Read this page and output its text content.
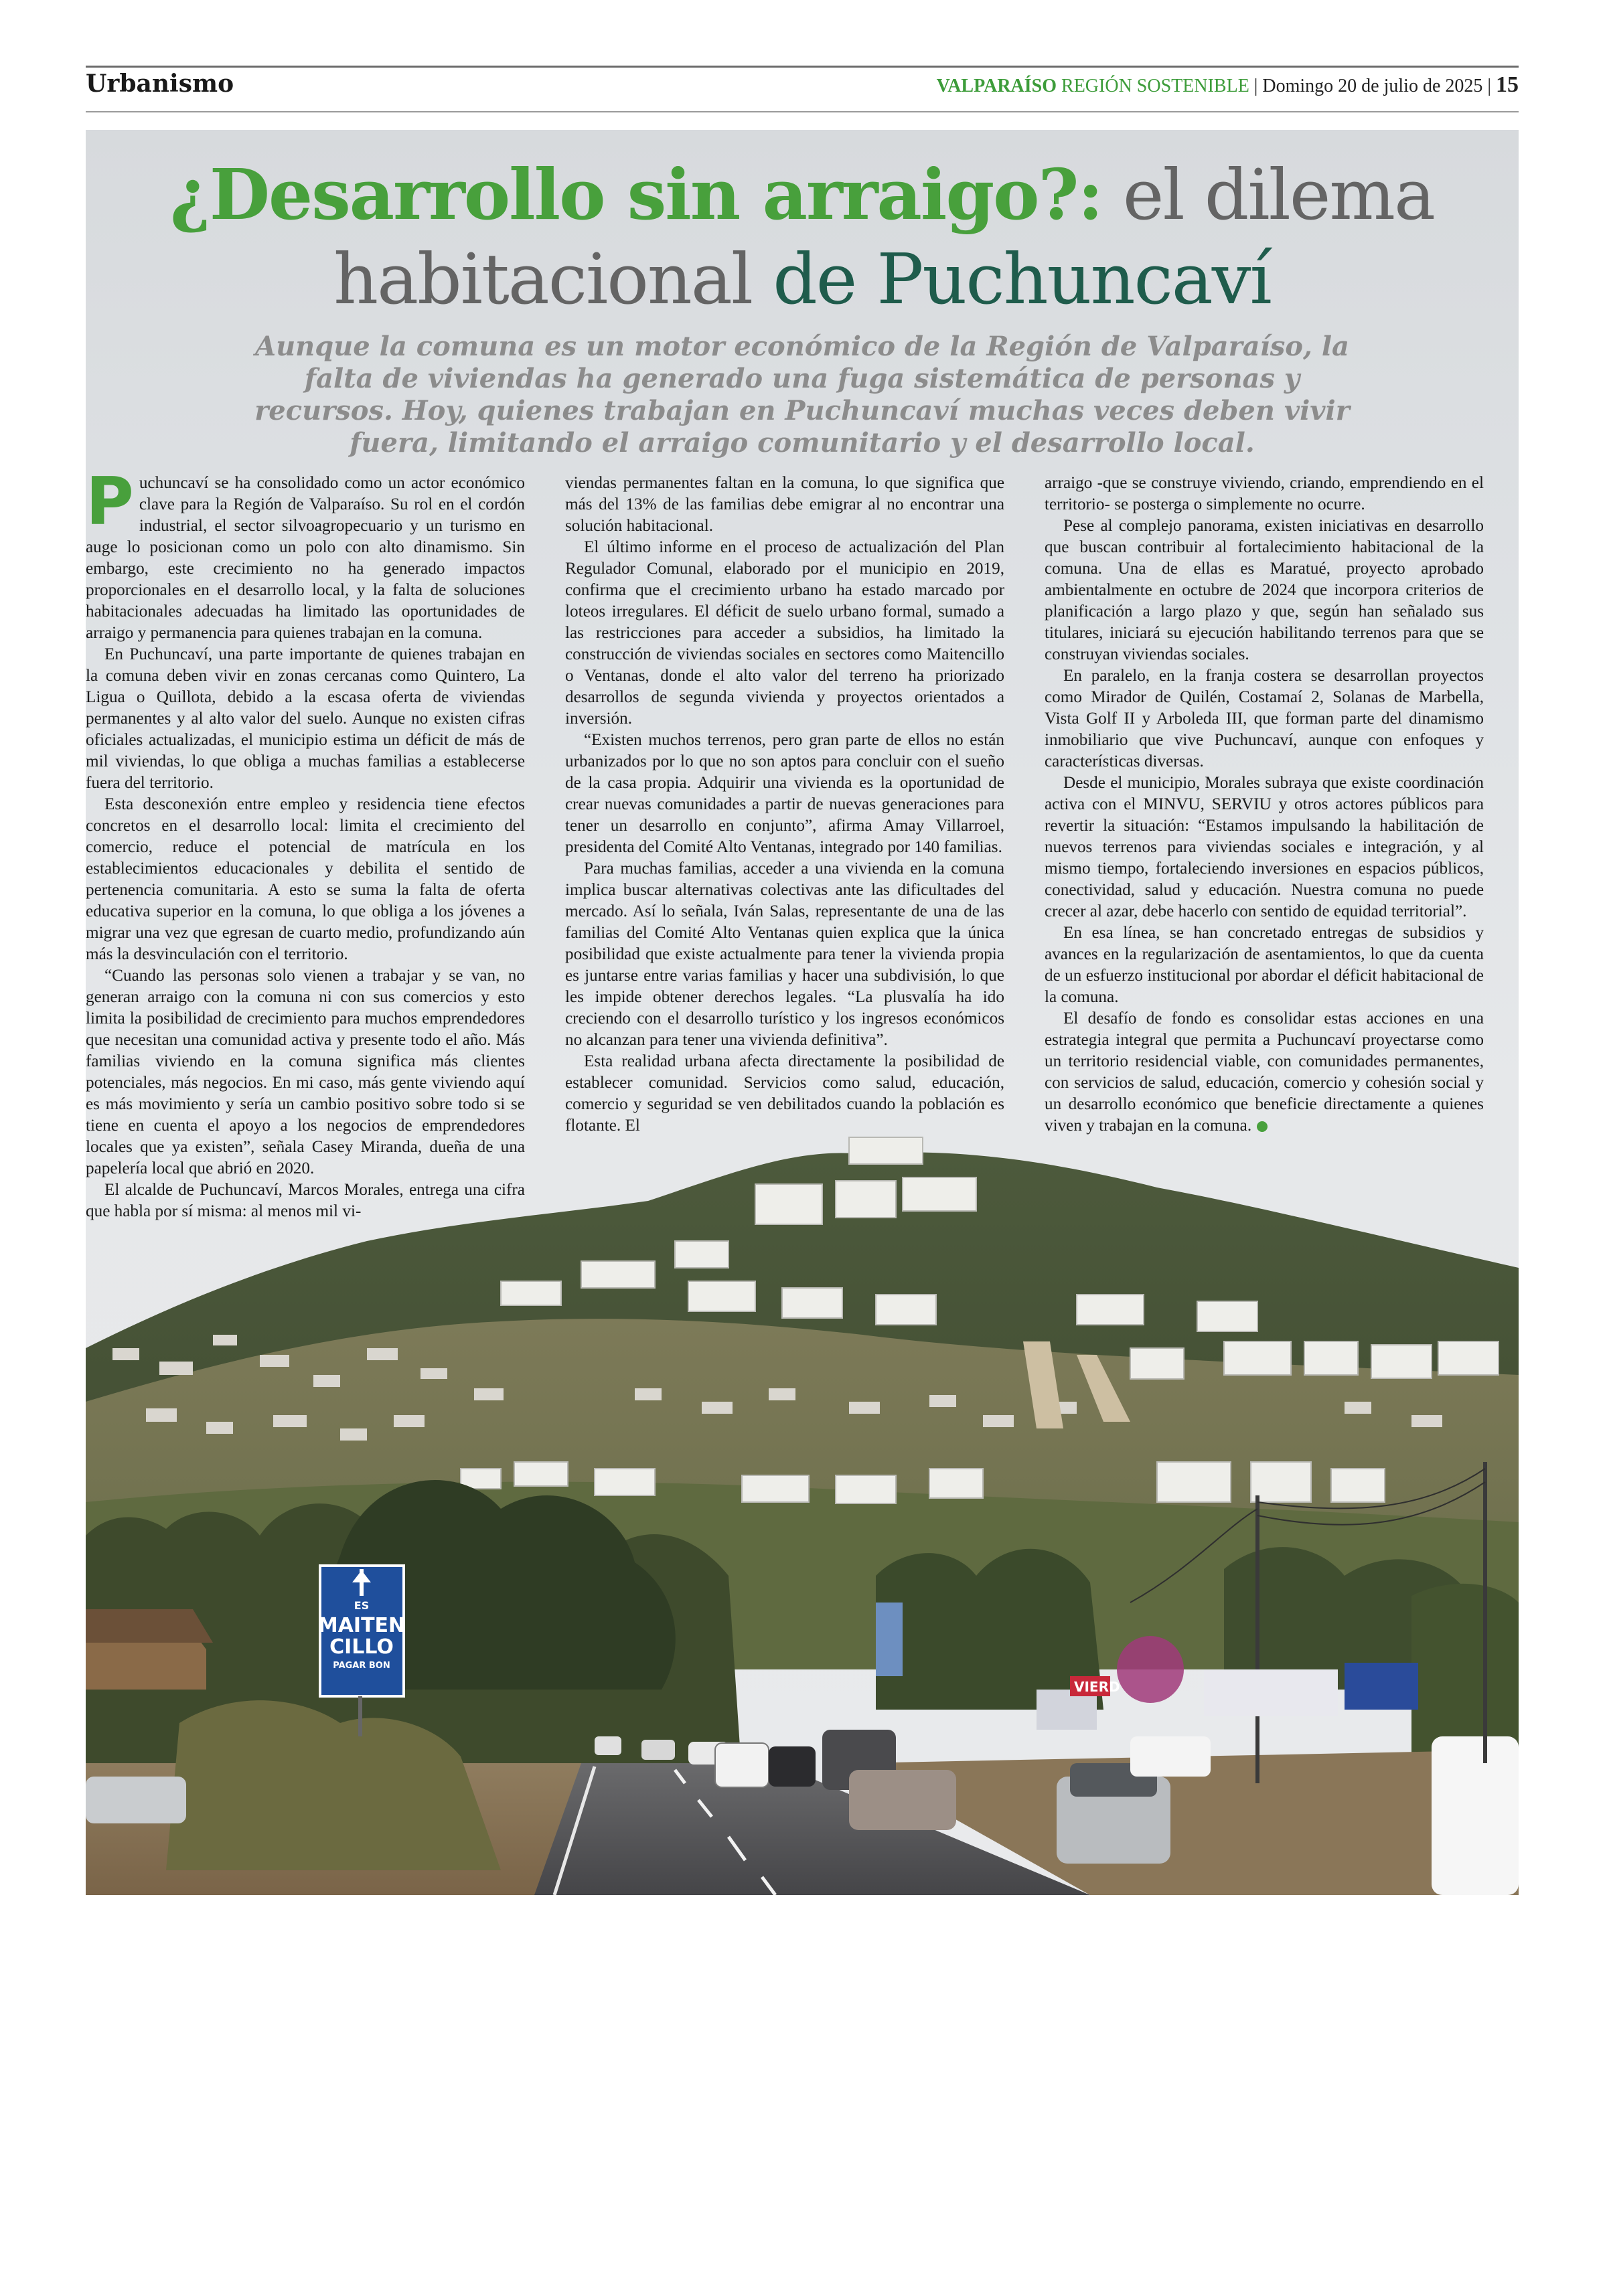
Urbanismo	VALPARAÍSO REGIÓN SOSTENIBLE | Domingo 20 de julio de 2025 | 15
VIERD
ES
MAITEN
CILLO
PAGAR BON
¿Desarrollo sin arraigo?: el dilema
habitacional de Puchuncaví
Aunque la comuna es un motor económico de la Región de Valparaíso, la falta de viviendas ha generado una fuga sistemática de personas y recursos. Hoy, quienes trabajan en Puchuncaví muchas veces deben vivir fuera, limitando el arraigo comunitario y el desarrollo local.

Puchuncaví se ha consolidado como un actor económico clave para la Región de Valparaíso. Su rol en el cordón industrial, el sector silvoagropecuario y un turismo en auge lo posicionan como un polo con alto dinamismo. Sin embargo, este crecimiento no ha generado impactos proporcionales en el desarrollo local, y la falta de soluciones habitacionales adecuadas ha limitado las oportunidades de arraigo y permanencia para quienes trabajan en la comuna.

En Puchuncaví, una parte importante de quienes trabajan en la comuna deben vivir en zonas cercanas como Quintero, La Ligua o Quillota, debido a la escasa oferta de viviendas permanentes y al alto valor del suelo. Aunque no existen cifras oficiales actualizadas, el municipio estima un déficit de más de mil viviendas, lo que obliga a muchas familias a establecerse fuera del territorio.

Esta desconexión entre empleo y residencia tiene efectos concretos en el desarrollo local: limita el crecimiento del comercio, reduce el potencial de matrícula en los establecimientos educacionales y debilita el sentido de pertenencia comunitaria. A esto se suma la falta de oferta educativa superior en la comuna, lo que obliga a los jóvenes a migrar una vez que egresan de cuarto medio, profundizando aún más la desvinculación con el territorio.

“Cuando las personas solo vienen a trabajar y se van, no generan arraigo con la comuna ni con sus comercios y esto limita la posibilidad de crecimiento para muchos emprendedores que necesitan una comunidad activa y presente todo el año. Más familias viviendo en la comuna significa más clientes potenciales, más negocios. En mi caso, más gente viviendo aquí es más movimiento y sería un cambio positivo sobre todo si se tiene en cuenta el apoyo a los negocios de emprendedores locales que ya existen”, señala Casey Miranda, dueña de una papelería local que abrió en 2020.

El alcalde de Puchuncaví, Marcos Morales, entrega una cifra que habla por sí misma: al menos mil vi-

viendas permanentes faltan en la comuna, lo que significa que más del 13% de las familias debe emigrar al no encontrar una solución habitacional.

El último informe en el proceso de actualización del Plan Regulador Comunal, elaborado por el municipio en 2019, confirma que el crecimiento urbano ha estado marcado por loteos irregulares. El déficit de suelo urbano formal, sumado a las restricciones para acceder a subsidios, ha limitado la construcción de viviendas sociales en sectores como Maitencillo o Ventanas, donde el alto valor del terreno ha priorizado desarrollos de segunda vivienda y proyectos orientados a inversión.

“Existen muchos terrenos, pero gran parte de ellos no están urbanizados por lo que no son aptos para concluir con el sueño de la casa propia. Adquirir una vivienda es la oportunidad de crear nuevas comunidades a partir de nuevas generaciones para tener un desarrollo en conjunto”, afirma Amay Villarroel, presidenta del Comité Alto Ventanas, integrado por 140 familias.

Para muchas familias, acceder a una vivienda en la comuna implica buscar alternativas colectivas ante las dificultades del mercado. Así lo señala, Iván Salas, representante de una de las familias del Comité Alto Ventanas quien explica que la única posibilidad que existe actualmente para tener la vivienda propia es juntarse entre varias familias y hacer una subdivisión, lo que les impide obtener derechos legales. “La plusvalía ha ido creciendo con el desarrollo turístico y los ingresos económicos no alcanzan para tener una vivienda definitiva”.

Esta realidad urbana afecta directamente la posibilidad de establecer comunidad. Servicios como salud, educación, comercio y seguridad se ven debilitados cuando la población es flotante. El

arraigo -que se construye viviendo, criando, emprendiendo en el territorio- se posterga o simplemente no ocurre.

Pese al complejo panorama, existen iniciativas en desarrollo que buscan contribuir al fortalecimiento habitacional de la comuna. Una de ellas es Maratué, proyecto aprobado ambientalmente en octubre de 2024 que incorpora criterios de planificación a largo plazo y que, según han señalado sus titulares, iniciará su ejecución habilitando terrenos para que se construyan viviendas sociales.

En paralelo, en la franja costera se desarrollan proyectos como Mirador de Quilén, Costamaí 2, Solanas de Marbella, Vista Golf II y Arboleda III, que forman parte del dinamismo inmobiliario que vive Puchuncaví, aunque con enfoques y características diversas.

Desde el municipio, Morales subraya que existe coordinación activa con el MINVU, SERVIU y otros actores públicos para revertir la situación: “Estamos impulsando la habilitación de nuevos terrenos para viviendas sociales e integración, y al mismo tiempo, fortaleciendo inversiones en espacios públicos, conectividad, salud y educación. Nuestra comuna no puede crecer al azar, debe hacerlo con sentido de equidad territorial”.

En esa línea, se han concretado entregas de subsidios y avances en la regularización de asentamientos, lo que da cuenta de un esfuerzo institucional por abordar el déficit habitacional de la comuna.

El desafío de fondo es consolidar estas acciones en una estrategia integral que permita a Puchuncaví proyectarse como un territorio residencial viable, con comunidades permanentes, con servicios de salud, educación, comercio y cohesión social y un desarrollo económico que beneficie directamente a quienes viven y trabajan en la comuna.
